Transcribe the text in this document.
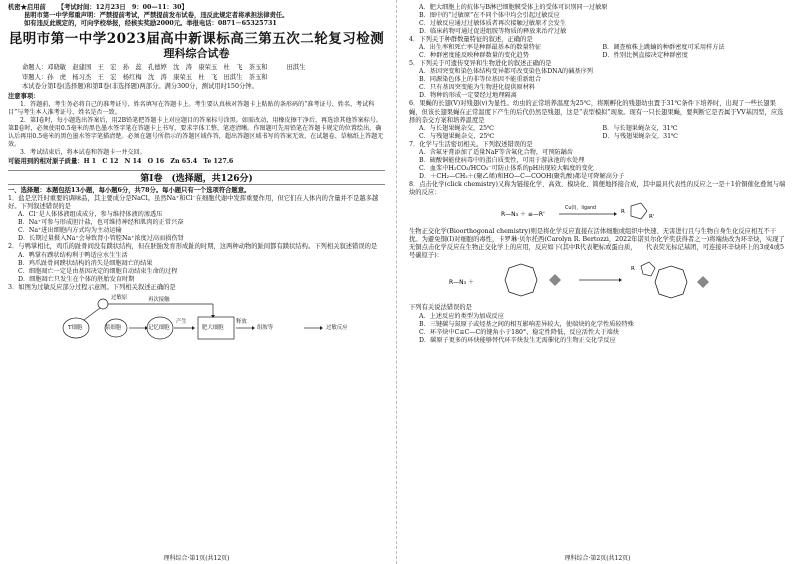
机密★启用前 【考试时间：12月23日　9：00—11：30】
昆明市第一中学郑重声明：严禁提前考试，严禁提前发布试卷，违反此规定者将承担法律责任。
如有违反此规定的，可向学校举报，经核实奖励2000元。举报电话：0871－65325731
昆明市第一中学2023届高中新课标高三第五次二轮复习检测
理科综合试卷
命题人：邓晓敏　赵建国　王　宏　孙　蕊　孔德婷　沈　涛　康荣玉　杜　飞　茶玉和　　　田淇生
审题人：孙　虎　杨习杰　王　宏　杨红梅　沈　涛　康荣玉　杜　飞　田淇生　茶玉和
本试卷分第Ⅰ卷(选择题)和第Ⅱ卷(非选择题)两部分。满分300分，测试用时150分钟。
注意事项：
1．答题前，考生务必将自己的准考证号、姓名填写在答题卡上。考生要认真核对答题卡上粘贴的条形码的“准考证号、姓名、考试科目”与考生本人准考证号、姓名是否一致。
2．第Ⅰ卷时，每小题选出答案后，用2B铅笔把答题卡上对应题目的答案标号涂黑。如需改动，用橡皮擦干净后，再选涂其他答案标号。第Ⅱ卷时，必须使用0.5毫米的黑色墨水签字笔在答题卡上书写，要求字体工整、笔迹清晰。作图题可先用铅笔在答题卡规定的位置绘出，确认后再用0.5毫米的黑色墨水签字笔描清楚。必须在题号所指示的答题区域作答，超出答题区域书写的答案无效，在试题卷、草稿纸上答题无效。
3．考试结束后，将本试卷和答题卡一并交回。
可能用到的相对原子质量：H 1　C 12　N 14　O 16　Zn 65.4　Te 127.6
第Ⅰ卷　(选择题，共126分)
一、选择题：本题包括13小题，每小题6分，共78分。每小题只有一个选项符合题意。
1．盐是烹饪时重要的调味品，其主要成分是NaCl。虽然Na⁺和Cl⁻在细胞代谢中发挥重要作用，但它们在人体内的含量并不是越多越好。下列叙述错误的是
A．Cl⁻是人体体液组成成分，参与维持体液的渗透压
B．Na⁺可参与形成胆汁盐，也可维持神经和肌肉的正常兴奋
C．Na⁺进出细胞内方式均为主动运输
D．长期过量摄入Na⁺会导致肾小管腔Na⁺浓度过高而损伤肾
2．与鸭掌相比，鸡爪的趾骨间没有蹼状结构，但在胚胎发育形成趾的时期，这两种动物的趾间都有蹼状结构。下列相关叙述错误的是
A．鸭掌有蹼状结构利于鸭适应水生生活
B．鸡爪趾骨间蹼状结构的消失是细胞凋亡的结果
C．细胞凋亡一定是由基因决定的细胞自动结束生命的过程
D．细胞凋亡只发生在个体的胚胎发育时期
3．如图为过敏反应部分过程示意图。下列相关叙述正确的是
过敏原
T细胞	浆细胞	记忆细胞
产生
肥大细胞
释放
组胺等	过敏反应
再次接触
理科综合·第1页(共12页)
A．肥大细胞上的抗体与B淋巴细胞膜受体上的受体可识别同一过敏原
B．图中的“过敏原”在不同个体中均会引起过敏反应
C．过敏反应通过过敏体质者再次接触过敏原才会发生
D．临床药物可通过促进组胺等物质的释放来治疗过敏
4．下列关于种群数量特征的叙述，正确的是
A．出生率和死亡率是种群最基本的数量特征	B．调查植株上跳蝻的种群密度可采用样方法
C．种群密度能反映种群数量的变化趋势	D．性别比例直接决定种群密度
5．下列关于可遗传变异和生物进化的叙述正确的是
A．基因突变和染色体结构变异都可改变染色体DNA的碱基序列
B．同源染色体上的非等位基因不能重新组合
C．只有基因突变能为生物进化提供原材料
D．物种的形成一定要经过地理隔离
6．果蝇的长翅(V)对残翅(v)为显性。幼虫的正常培养温度为25℃，将刚孵化的残翅幼虫置于31℃条件下培养时，出现了一些长翅果蝇，但该长翅果蝇在正常温度下产生的后代仍然是残翅，这是“表型模拟”现象。现有一只长翅果蝇，要判断它是否属于VV基因型，应选择的杂交方案和培养温度是
A．与长翅果蝇杂交，25℃	B．与长翅果蝇杂交，31℃
C．与残翅果蝇杂交，25℃	D．与残翅果蝇杂交，31℃
7．化学与生活密切相关。下列叙述错误的是
A．含氟牙膏添加了适量NaF等含氟化合物，可预防龋齿
B．硫酸铜能使病毒中的蛋白质变性，可用于游泳池的水处理
C．血浆中H₂CO₃/HCO₃⁻可防止体系的pH出现较大幅度的变化
D．＋CH₂—CH₂＋(聚乙烯)和HO—C—COOH(聚乳酸)都是可降解高分子
8．点击化学(click chemistry)又称为链接化学、高效、模块化、简便地择接合成，其中最具代表性的反应之一是＋1价铜催化叠氮与端炔的反应：
R—N₃ ＋ ≡—R'	R
R'
Cu(I)，ligand
生物正交化学(Bioorthogonal chemistry)则是将化学反应直接在活体细胞或组织中快速、无害进行且与生物自身生化反应相互不干扰。为避免铜(Ⅰ)对细胞的毒性，卡罗琳·贝尔托西(Carolyn R. Bertozzi，2022年诺贝尔化学奖获得者之一)将端炔改为环辛炔，实现了无铜点击化学反应在生物正交化学上的应用，反应如下(其中R代表靶标或蛋白质，　　代表荧光标记基团，可连接环辛炔环上的3或4或5号碳原子)：
R—N₃ ＋
R
下列有关说法错误的是
A．上述反应的类型为加成反应
B．三键碳与氮原子或烃基之间的相互影响差异较大，使端炔的化学性质较特殊
C．环辛炔中C≡C—C的键角小于180°，稳定性降低，反应活性大于端炔
D．碳原子更多的环炔能够替代环辛炔发生无需催化的生物正交化学反应
理科综合·第2页(共12页)
